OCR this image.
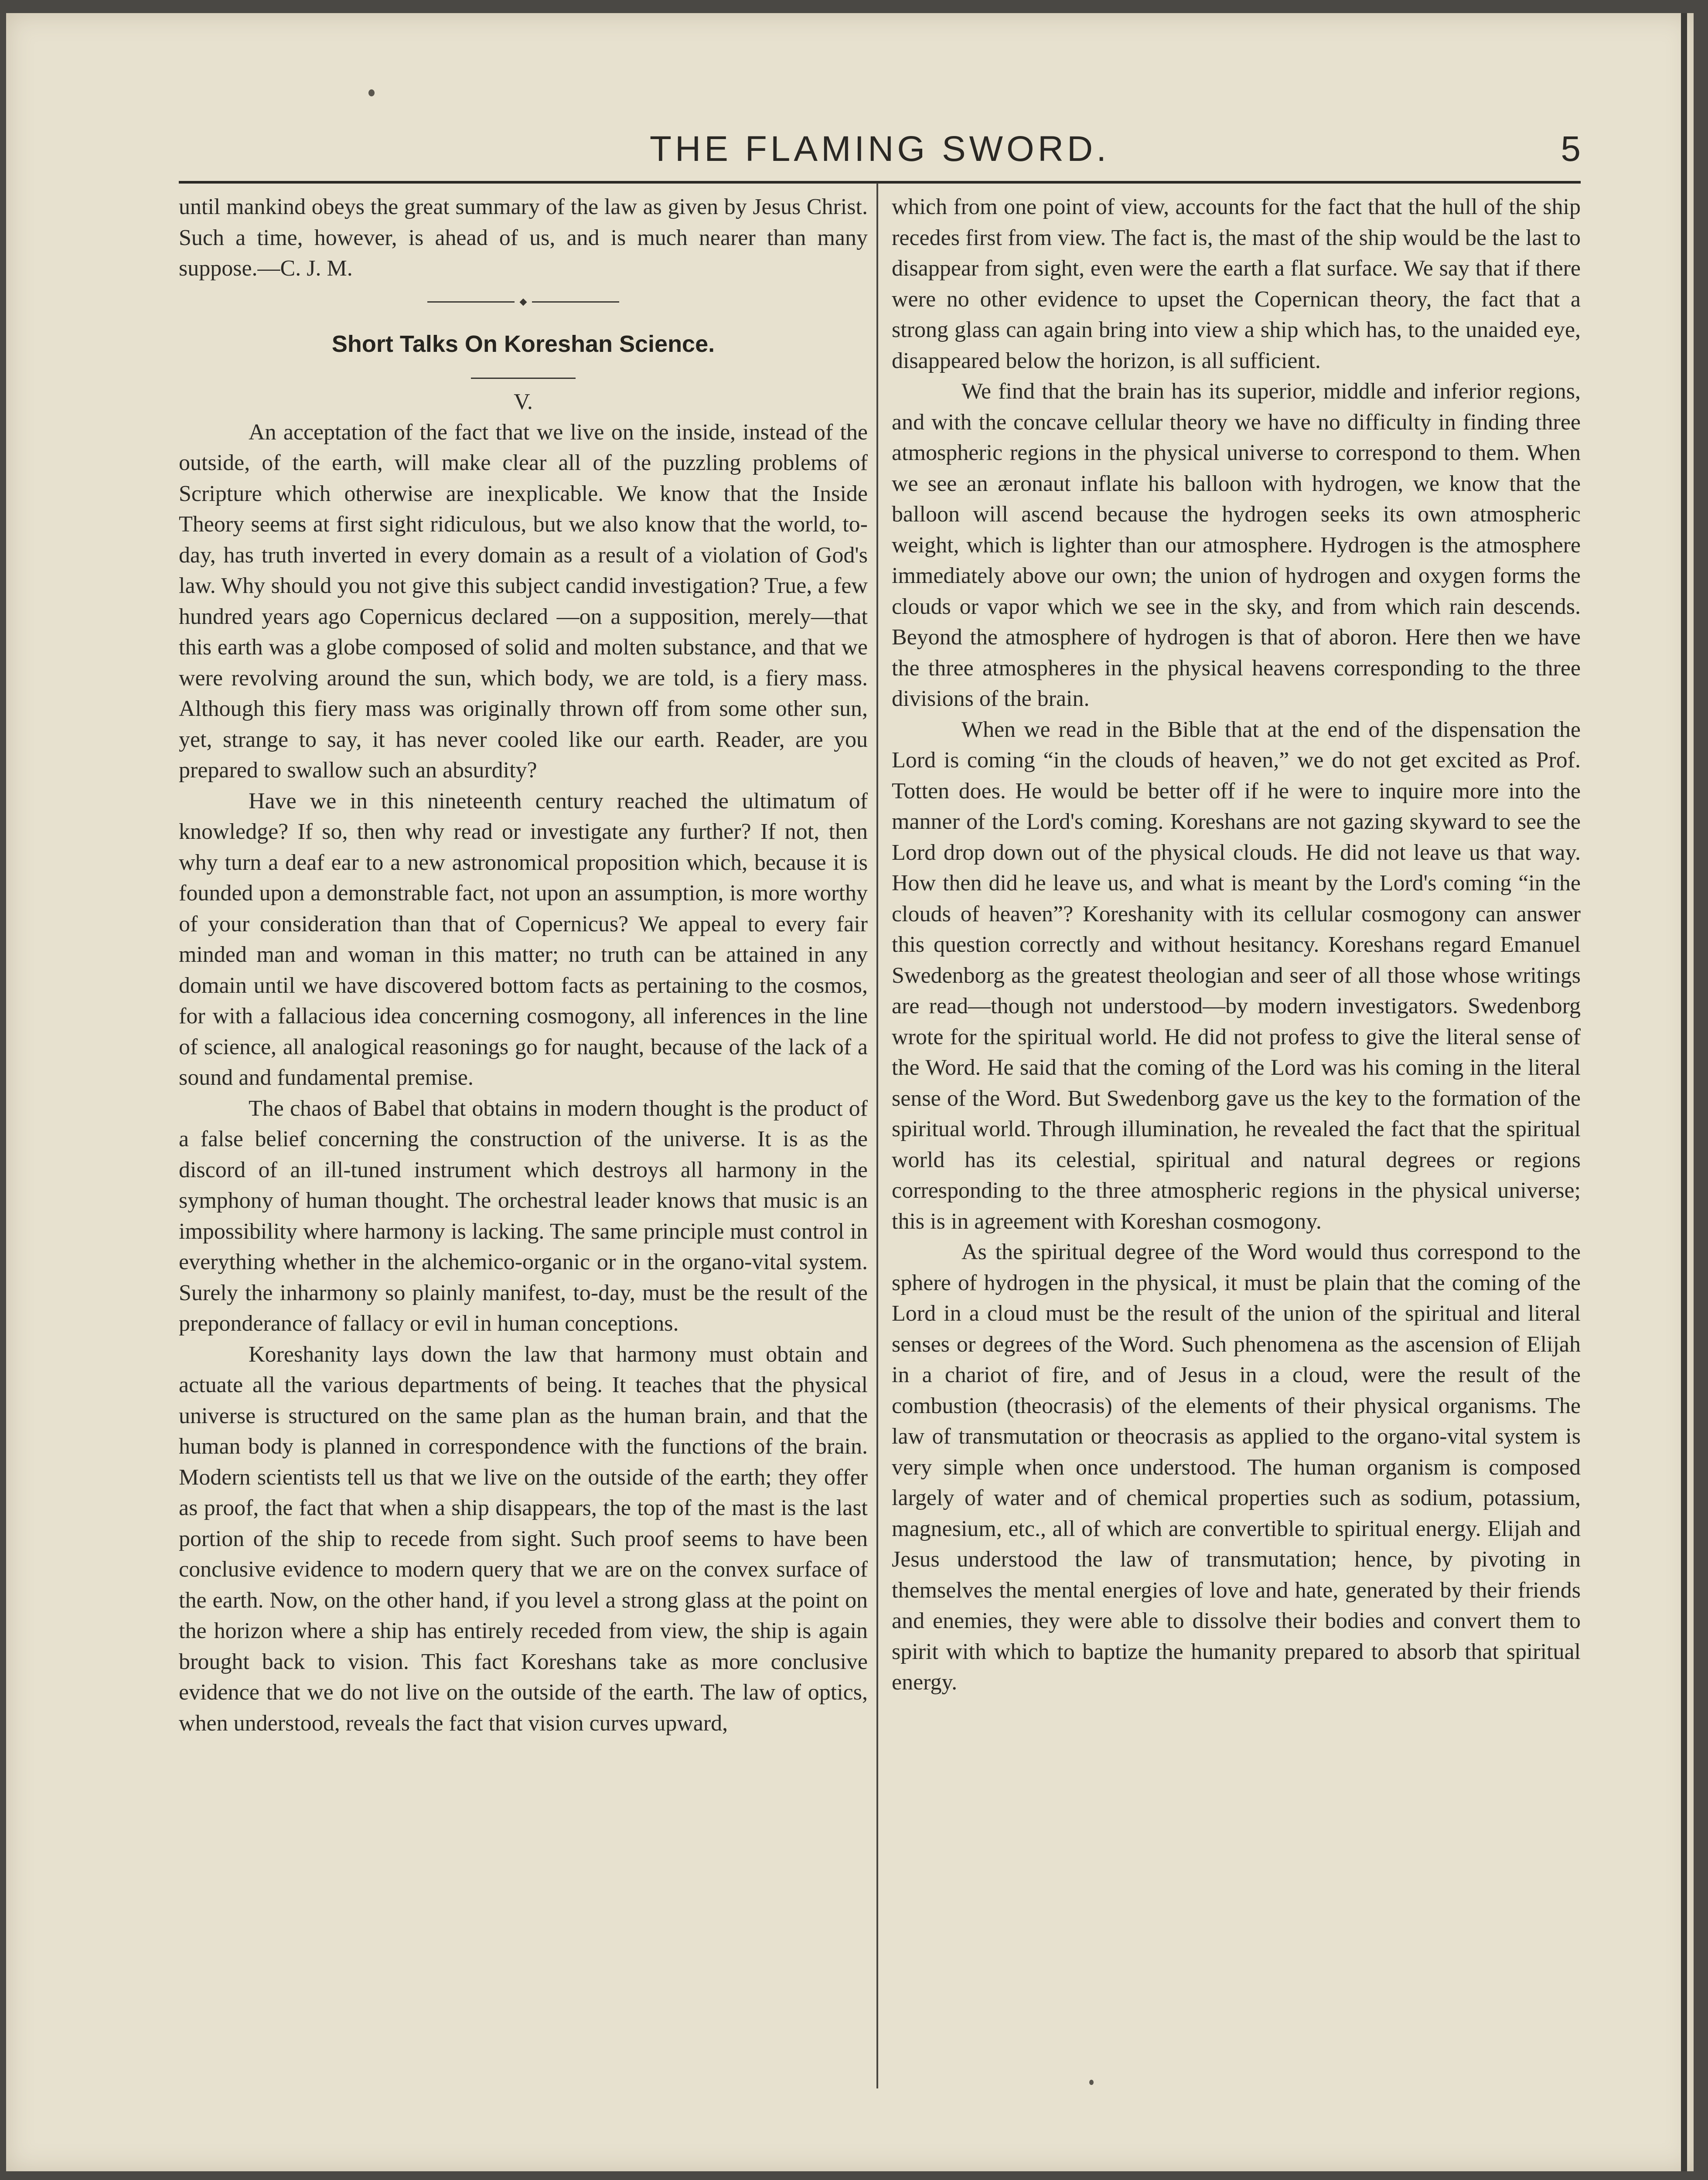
THE FLAMING SWORD.	5

until mankind obeys the great summary of the law as given by Jesus Christ. Such a time, however, is ahead of us, and is much nearer than many suppose.—C. J. M.

Short Talks On Koreshan Science.

V.

An acceptation of the fact that we live on the inside, instead of the outside, of the earth, will make clear all of the puzzling problems of Scripture which otherwise are inexplicable. We know that the Inside Theory seems at first sight ridiculous, but we also know that the world, to-day, has truth inverted in every domain as a result of a violation of God's law. Why should you not give this subject candid investigation? True, a few hundred years ago Copernicus declared —on a supposition, merely—that this earth was a globe composed of solid and molten substance, and that we were revolving around the sun, which body, we are told, is a fiery mass. Although this fiery mass was originally thrown off from some other sun, yet, strange to say, it has never cooled like our earth. Reader, are you prepared to swallow such an absurdity?

Have we in this nineteenth century reached the ultimatum of knowledge? If so, then why read or investigate any further? If not, then why turn a deaf ear to a new astronomical proposition which, because it is founded upon a demonstrable fact, not upon an assumption, is more worthy of your consideration than that of Copernicus? We appeal to every fair minded man and woman in this matter; no truth can be attained in any domain until we have discovered bottom facts as pertaining to the cosmos, for with a fallacious idea concerning cosmogony, all inferences in the line of science, all analogical reasonings go for naught, because of the lack of a sound and fundamental premise.

The chaos of Babel that obtains in modern thought is the product of a false belief concerning the construction of the universe. It is as the discord of an ill-tuned instrument which destroys all harmony in the symphony of human thought. The orchestral leader knows that music is an impossibility where harmony is lacking. The same principle must control in everything whether in the alchemico-organic or in the organo-vital system. Surely the inharmony so plainly manifest, to-day, must be the result of the preponderance of fallacy or evil in human conceptions.

Koreshanity lays down the law that harmony must obtain and actuate all the various departments of being. It teaches that the physical universe is structured on the same plan as the human brain, and that the human body is planned in correspondence with the functions of the brain. Modern scientists tell us that we live on the outside of the earth; they offer as proof, the fact that when a ship disappears, the top of the mast is the last portion of the ship to recede from sight. Such proof seems to have been conclusive evidence to modern query that we are on the convex surface of the earth. Now, on the other hand, if you level a strong glass at the point on the horizon where a ship has entirely receded from view, the ship is again brought back to vision. This fact Koreshans take as more conclusive evidence that we do not live on the outside of the earth. The law of optics, when understood, reveals the fact that vision curves upward,

which from one point of view, accounts for the fact that the hull of the ship recedes first from view. The fact is, the mast of the ship would be the last to disappear from sight, even were the earth a flat surface. We say that if there were no other evidence to upset the Copernican theory, the fact that a strong glass can again bring into view a ship which has, to the unaided eye, disappeared below the horizon, is all sufficient.

We find that the brain has its superior, middle and inferior regions, and with the concave cellular theory we have no difficulty in finding three atmospheric regions in the physical universe to correspond to them. When we see an æronaut inflate his balloon with hydrogen, we know that the balloon will ascend because the hydrogen seeks its own atmospheric weight, which is lighter than our atmosphere. Hydrogen is the atmosphere immediately above our own; the union of hydrogen and oxygen forms the clouds or vapor which we see in the sky, and from which rain descends. Beyond the atmosphere of hydrogen is that of aboron. Here then we have the three atmospheres in the physical heavens corresponding to the three divisions of the brain.

When we read in the Bible that at the end of the dispensation the Lord is coming “in the clouds of heaven,” we do not get excited as Prof. Totten does. He would be better off if he were to inquire more into the manner of the Lord's coming. Koreshans are not gazing skyward to see the Lord drop down out of the physical clouds. He did not leave us that way. How then did he leave us, and what is meant by the Lord's coming “in the clouds of heaven”? Koreshanity with its cellular cosmogony can answer this question correctly and without hesitancy. Koreshans regard Emanuel Swedenborg as the greatest theologian and seer of all those whose writings are read—though not understood—by modern investigators. Swedenborg wrote for the spiritual world. He did not profess to give the literal sense of the Word. He said that the coming of the Lord was his coming in the literal sense of the Word. But Swedenborg gave us the key to the formation of the spiritual world. Through illumination, he revealed the fact that the spiritual world has its celestial, spiritual and natural degrees or regions corresponding to the three atmospheric regions in the physical universe; this is in agreement with Koreshan cosmogony.

As the spiritual degree of the Word would thus correspond to the sphere of hydrogen in the physical, it must be plain that the coming of the Lord in a cloud must be the result of the union of the spiritual and literal senses or degrees of the Word. Such phenomena as the ascension of Elijah in a chariot of fire, and of Jesus in a cloud, were the result of the combustion (theocrasis) of the elements of their physical organisms. The law of transmutation or theocrasis as applied to the organo-vital system is very simple when once understood. The human organism is composed largely of water and of chemical properties such as sodium, potassium, magnesium, etc., all of which are convertible to spiritual energy. Elijah and Jesus understood the law of transmutation; hence, by pivoting in themselves the mental energies of love and hate, generated by their friends and enemies, they were able to dissolve their bodies and convert them to spirit with which to baptize the humanity prepared to absorb that spiritual energy.
